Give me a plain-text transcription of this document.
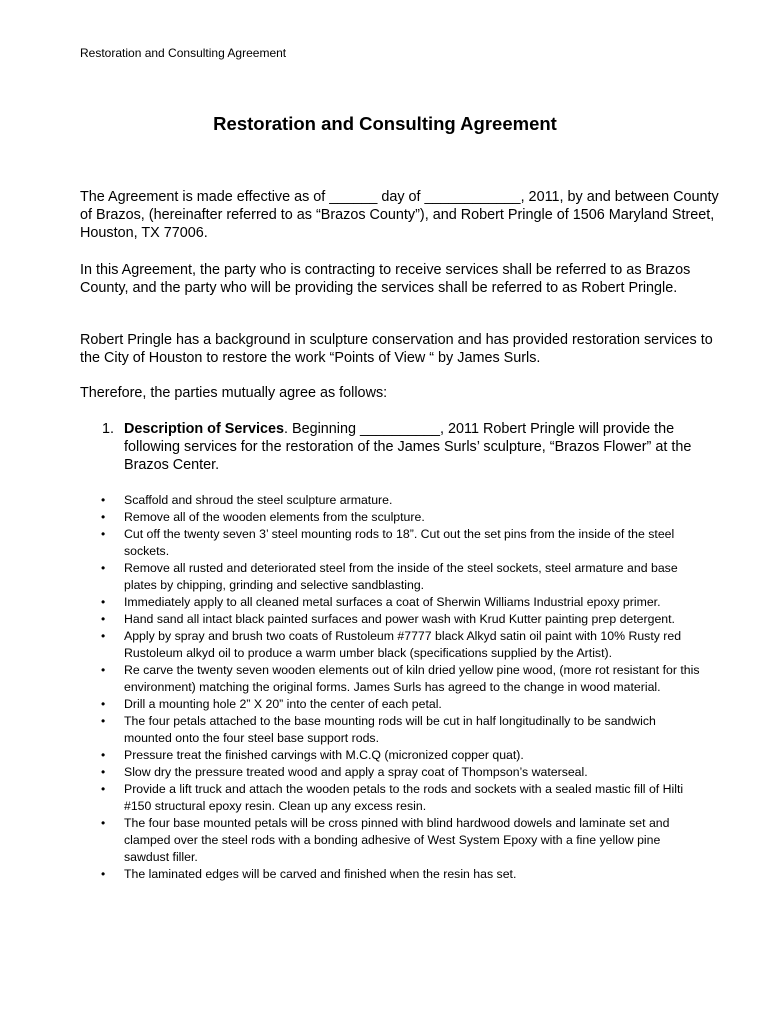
Restoration and Consulting Agreement
Restoration and Consulting Agreement
The Agreement is made effective as of ______ day of ____________, 2011, by and between County of Brazos, (hereinafter referred to as “Brazos County”), and Robert Pringle of 1506 Maryland Street, Houston, TX 77006.
In this Agreement, the party who is contracting to receive services shall be referred to as Brazos County, and the party who will be providing the services shall be referred to as Robert Pringle.
Robert Pringle has a background in sculpture conservation and has provided restoration services to the City of Houston to restore the work “Points of View “ by James Surls.
Therefore, the parties mutually agree as follows:
1. Description of Services. Beginning __________, 2011 Robert Pringle will provide the following services for the restoration of the James Surls’ sculpture, “Brazos Flower” at the Brazos Center.
• Scaffold and shroud the steel sculpture armature.
• Remove all of the wooden elements from the sculpture.
• Cut off the twenty seven 3’ steel mounting rods to 18”. Cut out the set pins from the inside of the steel sockets.
• Remove all rusted and deteriorated steel from the inside of the steel sockets, steel armature and base plates by chipping, grinding and selective sandblasting.
• Immediately apply to all cleaned metal surfaces a coat of Sherwin Williams Industrial epoxy primer.
• Hand sand all intact black painted surfaces and power wash with Krud Kutter painting prep detergent.
• Apply by spray and brush two coats of Rustoleum #7777 black Alkyd satin oil paint with 10% Rusty red Rustoleum alkyd oil to produce a warm umber black (specifications supplied by the Artist).
• Re carve the twenty seven wooden elements out of kiln dried yellow pine wood, (more rot resistant for this environment) matching the original forms. James Surls has agreed to the change in wood material.
• Drill a mounting hole 2” X 20” into the center of each petal.
• The four petals attached to the base mounting rods will be cut in half longitudinally to be sandwich mounted onto the four steel base support rods.
• Pressure treat the finished carvings with M.C.Q (micronized copper quat).
• Slow dry the pressure treated wood and apply a spray coat of Thompson’s waterseal.
• Provide a lift truck and attach the wooden petals to the rods and sockets with a sealed mastic fill of Hilti #150 structural epoxy resin. Clean up any excess resin.
• The four base mounted petals will be cross pinned with blind hardwood dowels and laminate set and clamped over the steel rods with a bonding adhesive of West System Epoxy with a fine yellow pine sawdust filler.
• The laminated edges will be carved and finished when the resin has set.
